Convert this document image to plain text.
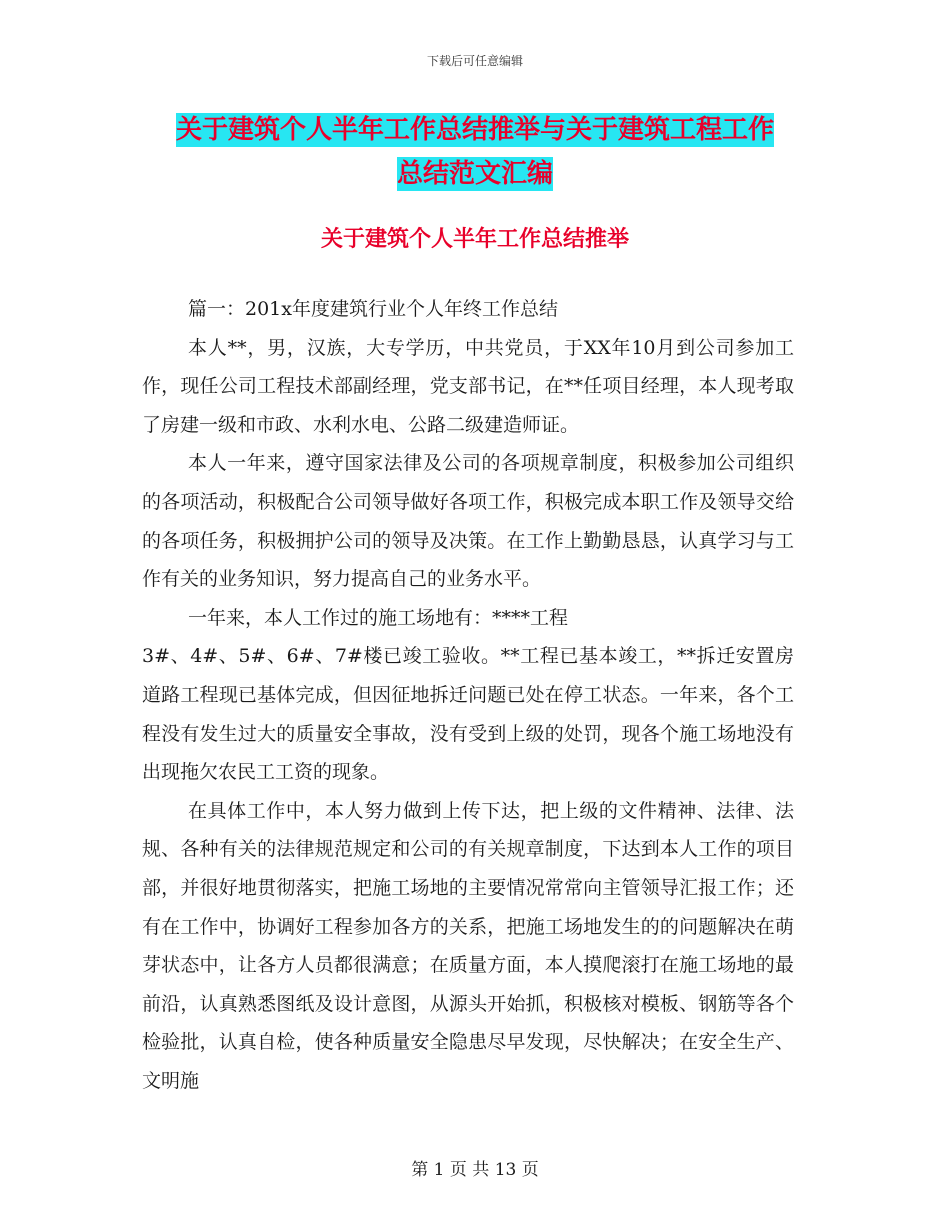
下载后可任意编辑
关于建筑个人半年工作总结推举与关于建筑工程工作
总结范文汇编
关于建筑个人半年工作总结推举

篇一：201x年度建筑行业个人年终工作总结

本人**，男，汉族，大专学历，中共党员，于XX年10月到公司参加工作，现任公司工程技术部副经理，党支部书记，在**任项目经理，本人现考取了房建一级和市政、水利水电、公路二级建造师证。

本人一年来，遵守国家法律及公司的各项规章制度，积极参加公司组织的各项活动，积极配合公司领导做好各项工作，积极完成本职工作及领导交给的各项任务，积极拥护公司的领导及决策。在工作上勤勤恳恳，认真学习与工作有关的业务知识，努力提高自己的业务水平。

一年来，本人工作过的施工场地有：****工程

3#、4#、5#、6#、7#楼已竣工验收。**工程已基本竣工，**拆迁安置房道路工程现已基体完成，但因征地拆迁问题已处在停工状态。一年来，各个工程没有发生过大的质量安全事故，没有受到上级的处罚，现各个施工场地没有出现拖欠农民工工资的现象。

在具体工作中，本人努力做到上传下达，把上级的文件精神、法律、法规、各种有关的法律规范规定和公司的有关规章制度，下达到本人工作的项目部，并很好地贯彻落实，把施工场地的主要情况常常向主管领导汇报工作；还有在工作中，协调好工程参加各方的关系，把施工场地发生的的问题解决在萌芽状态中，让各方人员都很满意；在质量方面，本人摸爬滚打在施工场地的最前沿，认真熟悉图纸及设计意图，从源头开始抓，积极核对模板、钢筋等各个检验批，认真自检，使各种质量安全隐患尽早发现，尽快解决；在安全生产、文明施

第 1 页 共 13 页
